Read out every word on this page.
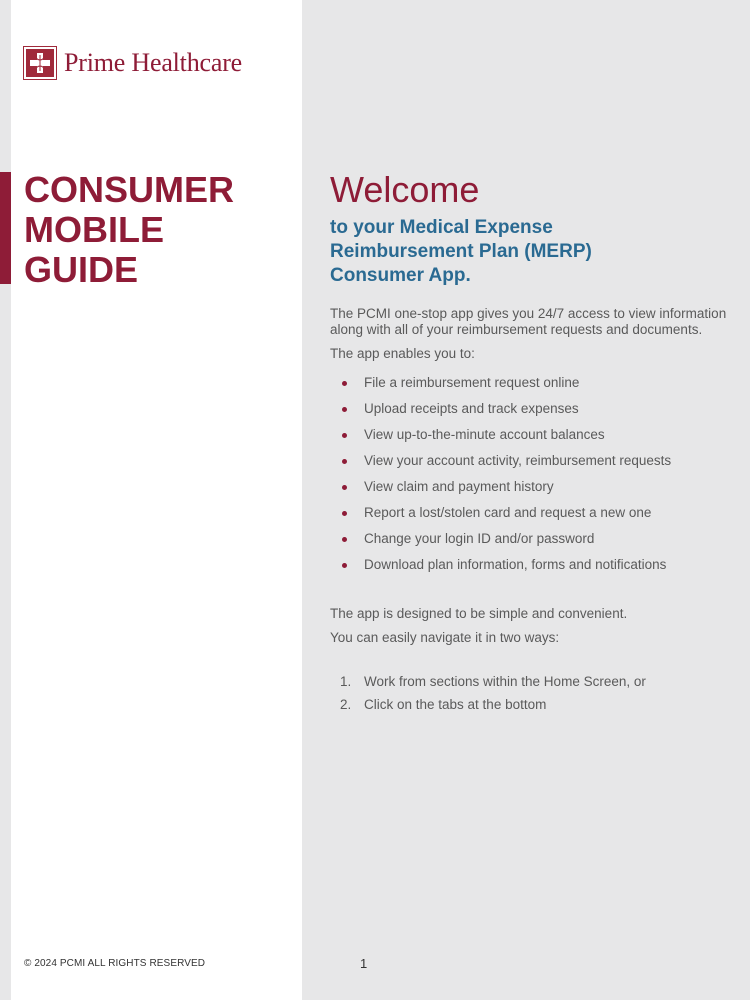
Prime Healthcare
CONSUMER
MOBILE
GUIDE
Welcome

to your Medical Expense Reimbursement Plan (MERP) Consumer App.

The PCMI one-stop app gives you 24/7 access to view information along with all of your reimbursement requests and documents.

The app enables you to:

File a reimbursement request online
Upload receipts and track expenses
View up-to-the-minute account balances
View your account activity, reimbursement requests
View claim and payment history
Report a lost/stolen card and request a new one
Change your login ID and/or password
Download plan information, forms and notifications
The app is designed to be simple and convenient.
You can easily navigate it in two ways:
1. Work from sections within the Home Screen, or
2. Click on the tabs at the bottom
© 2024 PCMI ALL RIGHTS RESERVED	1
